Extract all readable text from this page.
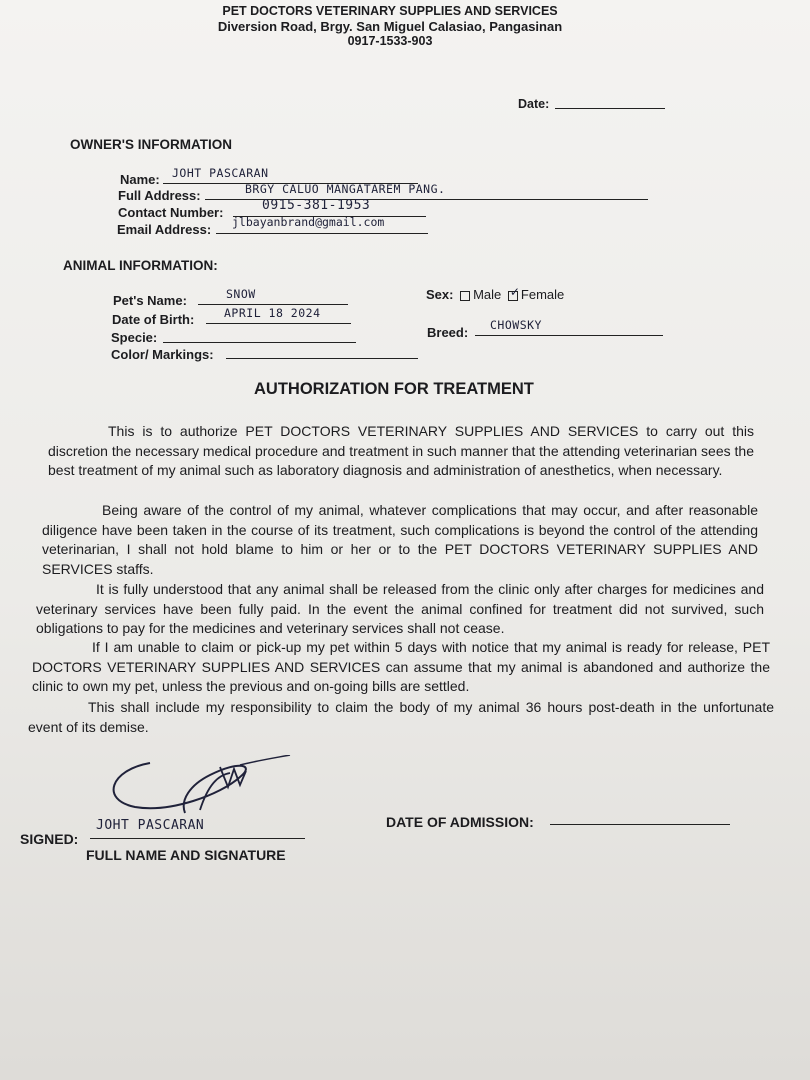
PET DOCTORS VETERINARY SUPPLIES AND SERVICES
Diversion Road, Brgy. San Miguel Calasiao, Pangasinan
0917-1533-903
Date:
OWNER'S INFORMATION
Name: JOHT PASCARAN
Full Address:	BRGY CALUO MANGATAREM PANG.
Contact Number:	0915-381-1953
Email Address: jlbayanbrand@gmail.com
ANIMAL INFORMATION:
Pet's Name:	SNOW
Date of Birth:	APRIL 18 2024
Specie:
Color/ Markings:
Sex: Male ✓ Female
Breed: CHOWSKY
AUTHORIZATION FOR TREATMENT
This is to authorize PET DOCTORS VETERINARY SUPPLIES AND SERVICES to carry out this discretion the necessary medical procedure and treatment in such manner that the attending veterinarian sees the best treatment of my animal such as laboratory diagnosis and administration of anesthetics, when necessary.
Being aware of the control of my animal, whatever complications that may occur, and after reasonable diligence have been taken in the course of its treatment, such complications is beyond the control of the attending veterinarian, I shall not hold blame to him or her or to the PET DOCTORS VETERINARY SUPPLIES AND SERVICES staffs.
It is fully understood that any animal shall be released from the clinic only after charges for medicines and veterinary services have been fully paid. In the event the animal confined for treatment did not survived, such obligations to pay for the medicines and veterinary services shall not cease.
If I am unable to claim or pick-up my pet within 5 days with notice that my animal is ready for release, PET DOCTORS VETERINARY SUPPLIES AND SERVICES can assume that my animal is abandoned and authorize the clinic to own my pet, unless the previous and on-going bills are settled.
This shall include my responsibility to claim the body of my animal 36 hours post-death in the unfortunate event of its demise.
SIGNED:
JOHT PASCARAN
FULL NAME AND SIGNATURE
DATE OF ADMISSION:
